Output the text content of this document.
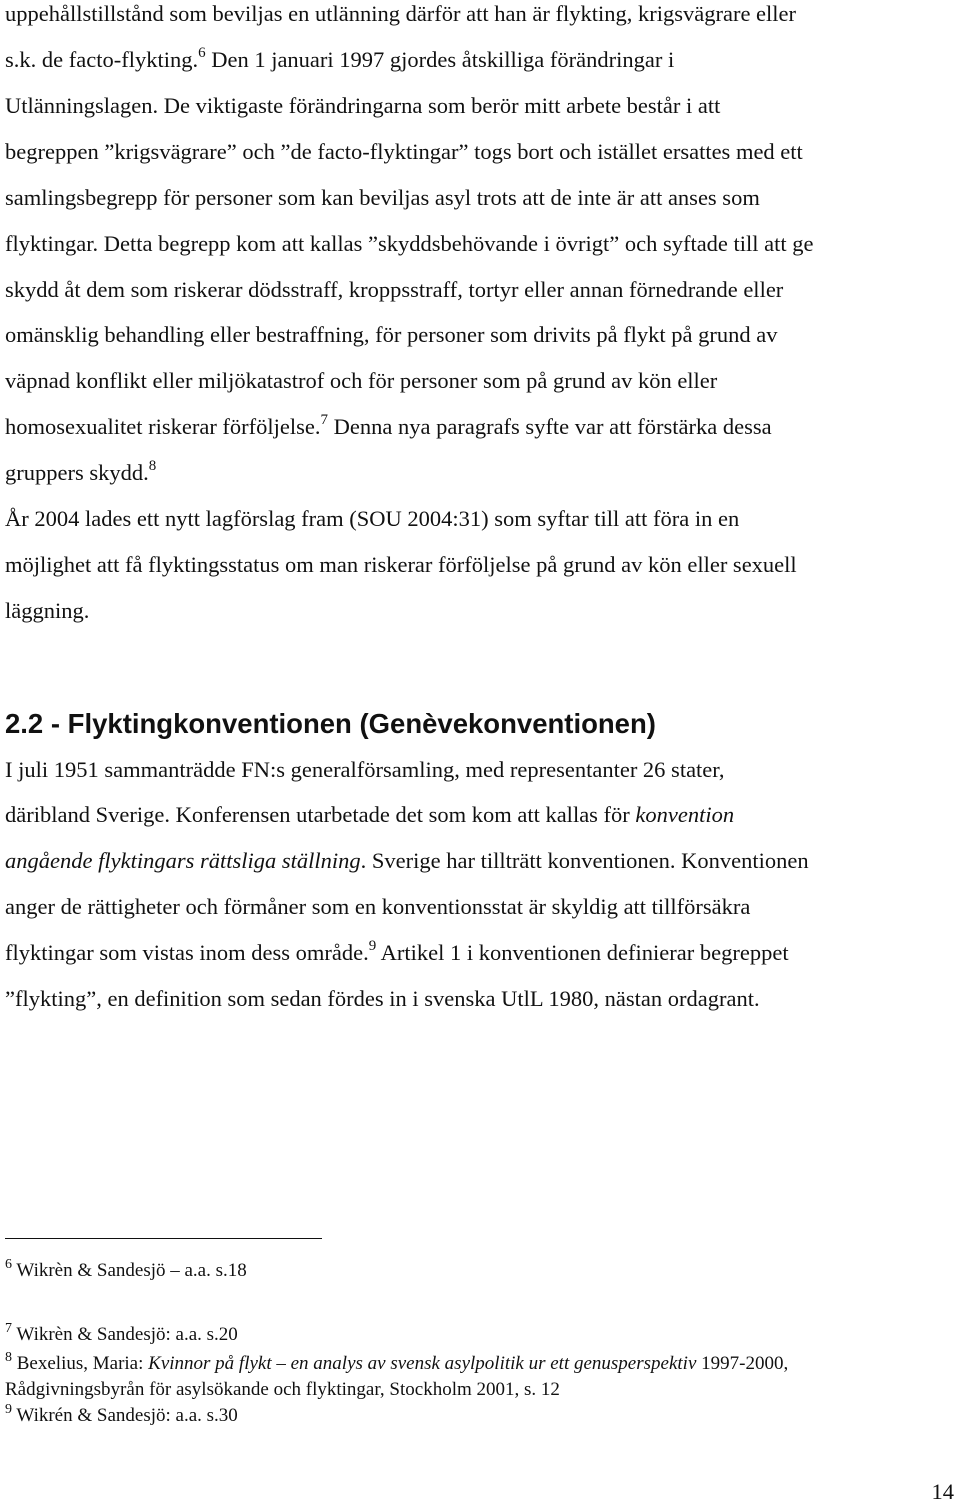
uppehållstillstånd som beviljas en utlänning därför att han är flykting, krigsvägrare eller
s.k. de facto-flykting.$^6$ Den 1 januari 1997 gjordes åtskilliga förändringar i
Utlänningslagen. De viktigaste förändringarna som berör mitt arbete består i att
begreppen ”krigsvägrare” och ”de facto-flyktingar” togs bort och istället ersattes med ett
samlingsbegrepp för personer som kan beviljas asyl trots att de inte är att anses som
flyktingar. Detta begrepp kom att kallas ”skyddsbehövande i övrigt” och syftade till att ge
skydd åt dem som riskerar dödsstraff, kroppsstraff, tortyr eller annan förnedrande eller
omänsklig behandling eller bestraffning, för personer som drivits på flykt på grund av
väpnad konflikt eller miljökatastrof och för personer som på grund av kön eller
homosexualitet riskerar förföljelse.$^7$ Denna nya paragrafs syfte var att förstärka dessa
gruppers skydd.$^8$
År 2004 lades ett nytt lagförslag fram (SOU 2004:31) som syftar till att föra in en
möjlighet att få flyktingsstatus om man riskerar förföljelse på grund av kön eller sexuell
läggning.
2.2 - Flyktingkonventionen (Genèvekonventionen)
I juli 1951 sammanträdde FN:s generalförsamling, med representanter 26 stater,
däribland Sverige. Konferensen utarbetade det som kom att kallas för konvention
angående flyktingars rättsliga ställning. Sverige har tillträtt konventionen. Konventionen
anger de rättigheter och förmåner som en konventionsstat är skyldig att tillförsäkra
flyktingar som vistas inom dess område.$^9$ Artikel 1 i konventionen definierar begreppet
”flykting”, en definition som sedan fördes in i svenska UtlL 1980, nästan ordagrant.
$^6$ Wikrèn & Sandesjö – a.a. s.18
$^7$ Wikrèn & Sandesjö: a.a. s.20
$^8$ Bexelius, Maria: Kvinnor på flykt – en analys av svensk asylpolitik ur ett genusperspektiv 1997-2000,
Rådgivningsbyrån för asylsökande och flyktingar, Stockholm 2001, s. 12
$^9$ Wikrén & Sandesjö: a.a. s.30
14
